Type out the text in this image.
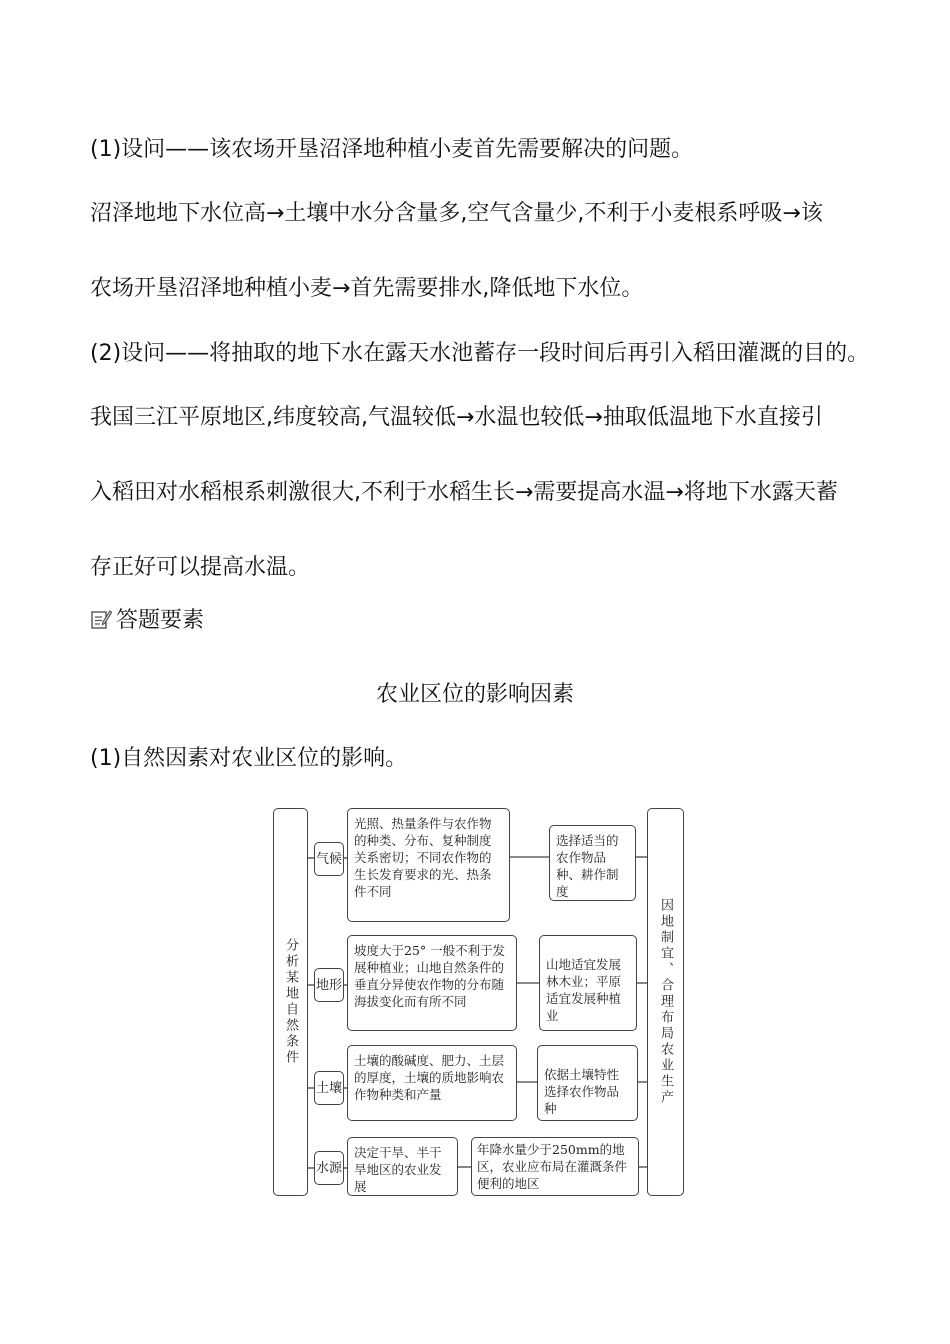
(1)设问——该农场开垦沼泽地种植小麦首先需要解决的问题。
沼泽地地下水位高→土壤中水分含量多,空气含量少,不利于小麦根系呼吸→该
农场开垦沼泽地种植小麦→首先需要排水,降低地下水位。
(2)设问——将抽取的地下水在露天水池蓄存一段时间后再引入稻田灌溉的目的。
我国三江平原地区,纬度较高,气温较低→水温也较低→抽取低温地下水直接引
入稻田对水稻根系刺激很大,不利于水稻生长→需要提高水温→将地下水露天蓄
存正好可以提高水温。
答题要素
农业区位的影响因素
(1)自然因素对农业区位的影响。
分析某地自然条件	因地制宜、合理布局农业生产
气候
光照、热量条件与农作物的种类、分布、复种制度关系密切；不同农作物的生长发育要求的光、热条件不同
选择适当的农作物品种、耕作制度
地形
坡度大于25° 一般不利于发展种植业；山地自然条件的垂直分异使农作物的分布随海拔变化而有所不同
山地适宜发展林木业；平原适宜发展种植业
土壤
土壤的酸碱度、肥力、土层的厚度，土壤的质地影响农作物种类和产量
依据土壤特性选择农作物品种
水源
决定干旱、半干旱地区的农业发展
年降水量少于250mm的地区，农业应布局在灌溉条件便利的地区
